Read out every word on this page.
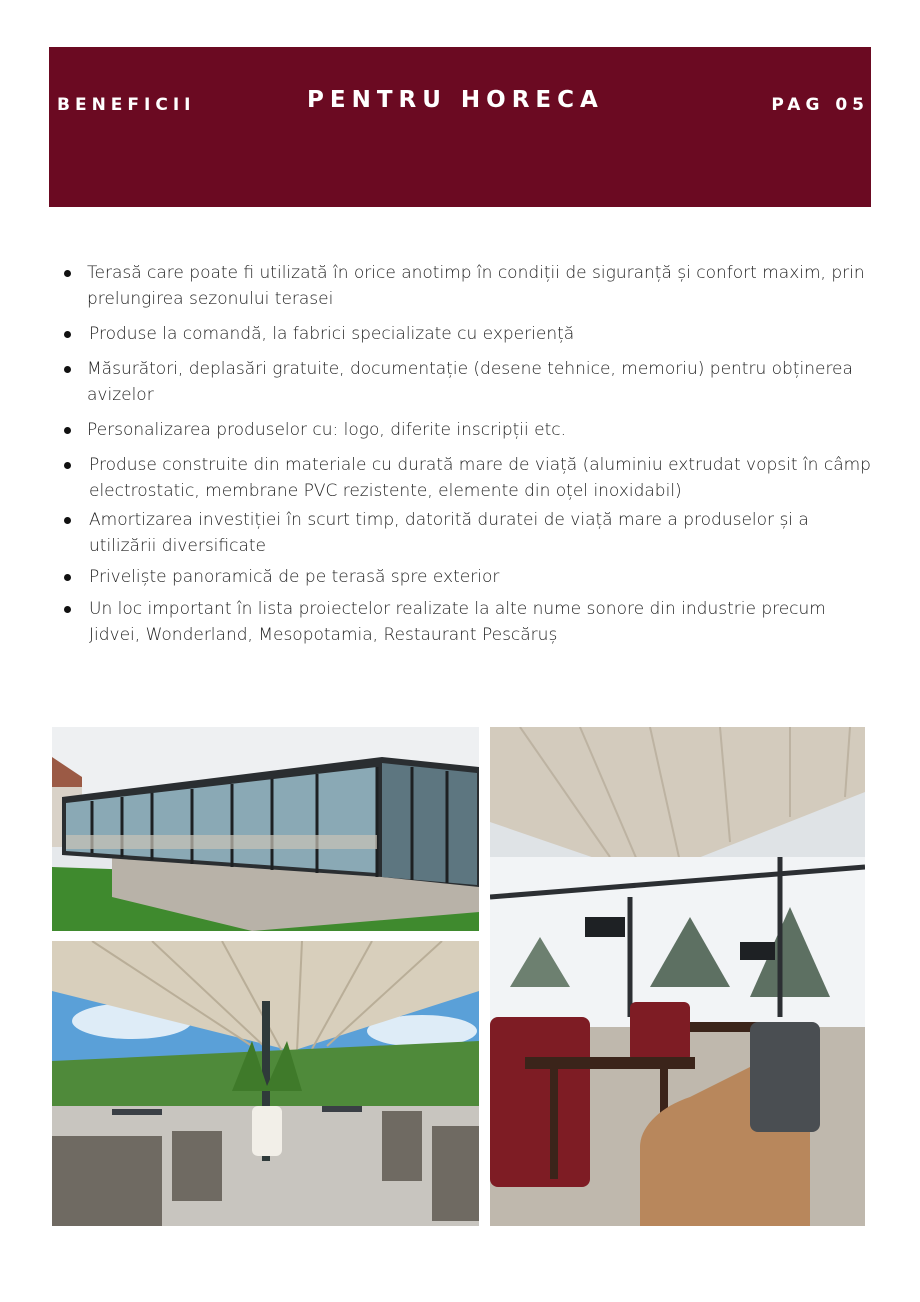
BENEFICII	PENTRU HORECA	PAG 05
Terasă care poate fi utilizată în orice anotimp în condiții de siguranță și confort maxim, prin prelungirea sezonului terasei
Produse la comandă, la fabrici specializate cu experiență
Măsurători, deplasări gratuite, documentație (desene tehnice, memoriu) pentru obținerea avizelor
Personalizarea produselor cu: logo, diferite inscripții etc.
Produse construite din materiale cu durată mare de viață (aluminiu extrudat vopsit în câmp electrostatic, membrane PVC rezistente, elemente din oțel inoxidabil)
Amortizarea investiției în scurt timp, datorită duratei de viață mare a produselor și a utilizării diversificate
Priveliște panoramică de pe terasă spre exterior
Un loc important în lista proiectelor realizate la alte nume sonore din industrie precum Jidvei, Wonderland, Mesopotamia, Restaurant Pescăruș
